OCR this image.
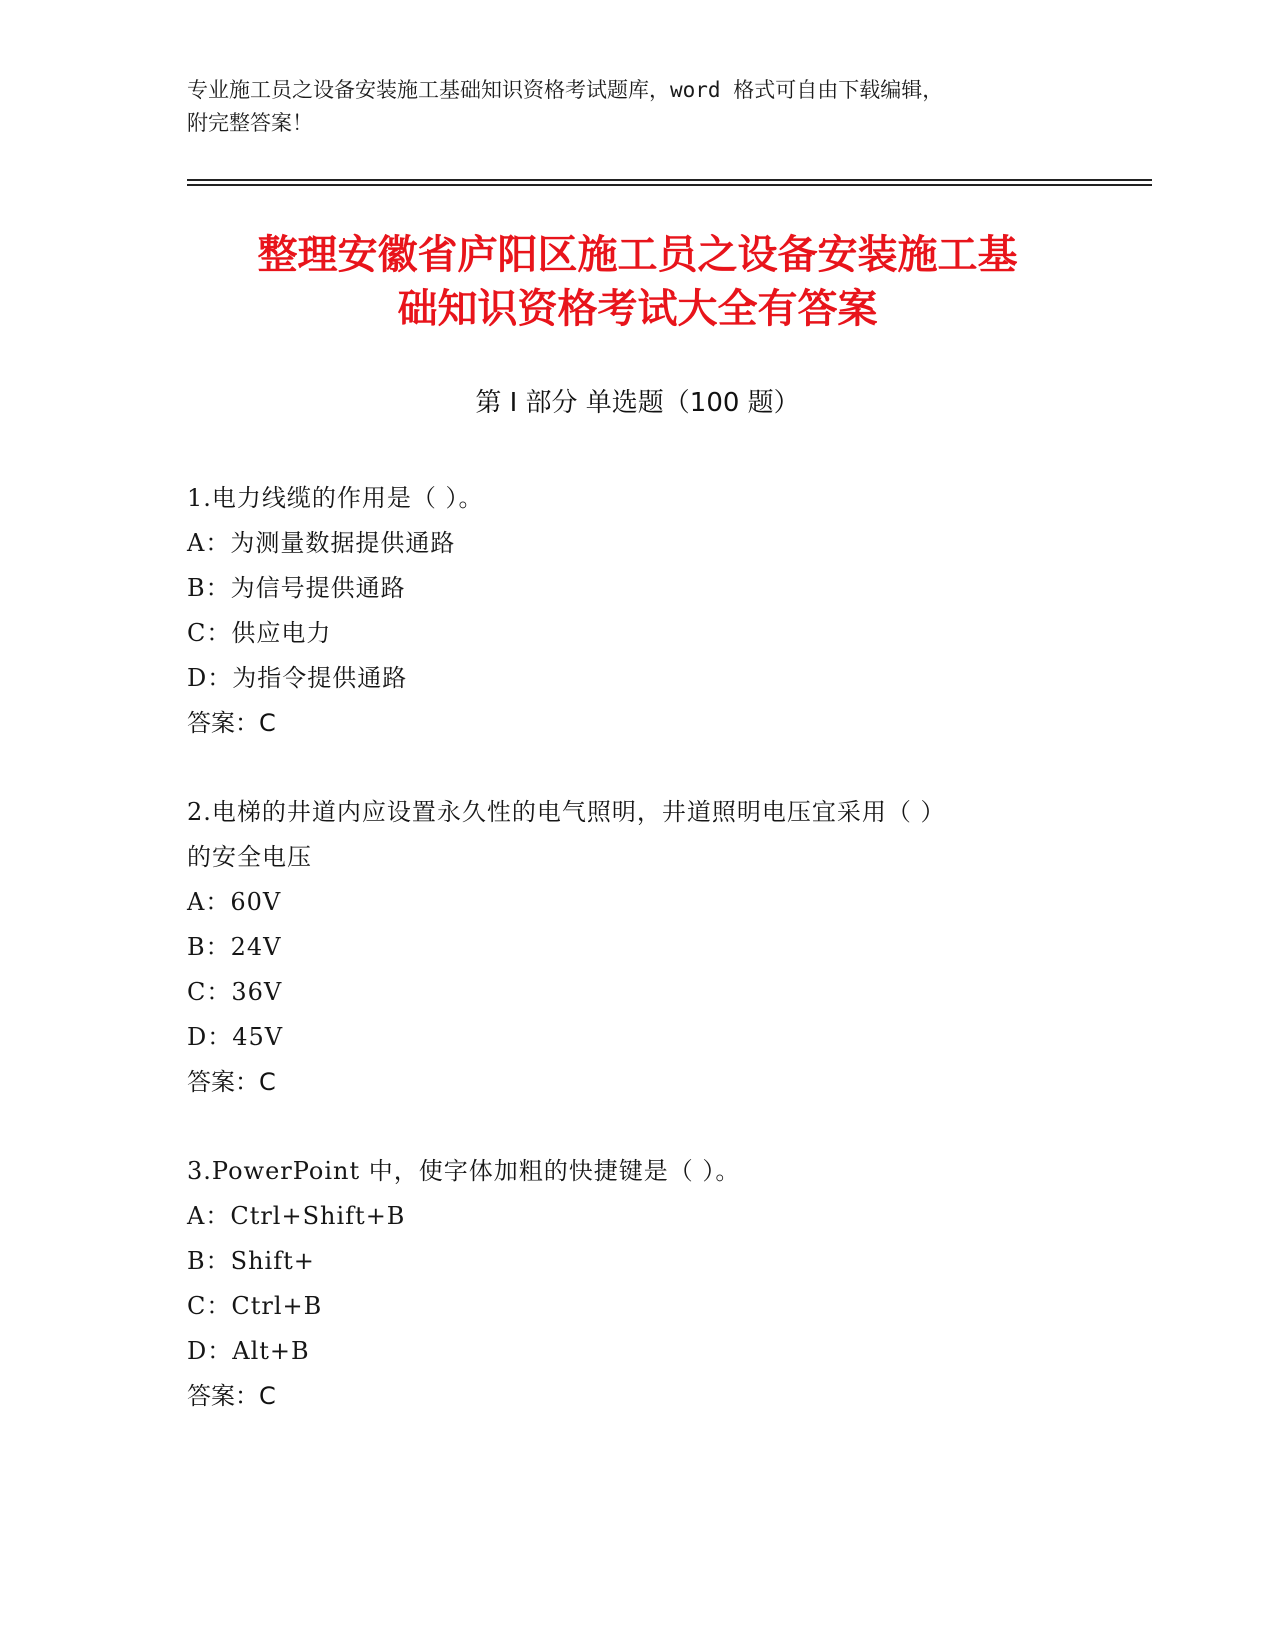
专业施工员之设备安装施工基础知识资格考试题库，word 格式可自由下载编辑，
附完整答案！
整理安徽省庐阳区施工员之设备安装施工基
础知识资格考试大全有答案
第 I 部分 单选题（100 题）
1.电力线缆的作用是（ ）。
A：为测量数据提供通路
B：为信号提供通路
C：供应电力
D：为指令提供通路
答案：C
2.电梯的井道内应设置永久性的电气照明，井道照明电压宜采用（ ）
的安全电压
A：60V
B：24V
C：36V
D：45V
答案：C
3.PowerPoint 中，使字体加粗的快捷键是（ ）。
A：Ctrl+Shift+B
B：Shift+
C：Ctrl+B
D：Alt+B
答案：C
